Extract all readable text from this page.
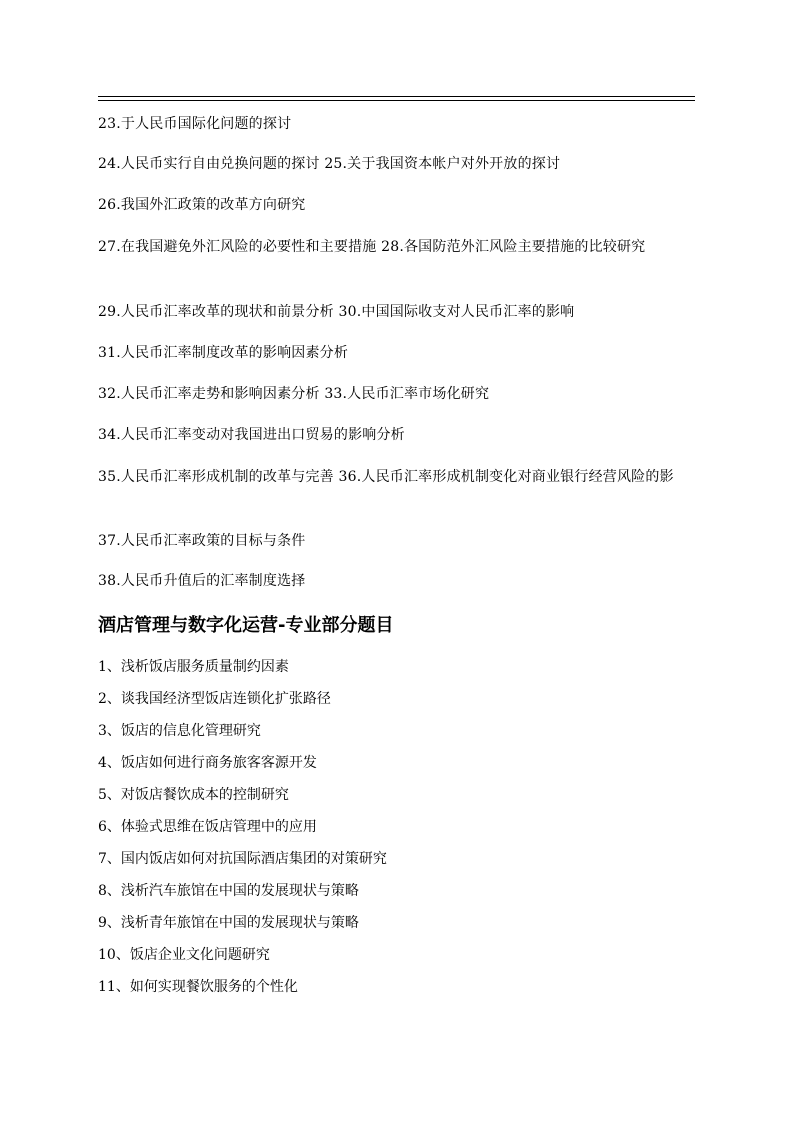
23.于人民币国际化问题的探讨

24.人民币实行自由兑换问题的探讨 25.关于我国资本帐户对外开放的探讨

26.我国外汇政策的改革方向研究

27.在我国避免外汇风险的必要性和主要措施 28.各国防范外汇风险主要措施的比较研究

29.人民币汇率改革的现状和前景分析 30.中国国际收支对人民币汇率的影响

31.人民币汇率制度改革的影响因素分析

32.人民币汇率走势和影响因素分析 33.人民币汇率市场化研究

34.人民币汇率变动对我国进出口贸易的影响分析

35.人民币汇率形成机制的改革与完善 36.人民币汇率形成机制变化对商业银行经营风险的影

37.人民币汇率政策的目标与条件

38.人民币升值后的汇率制度选择

酒店管理与数字化运营-专业部分题目
1、浅析饭店服务质量制约因素
2、谈我国经济型饭店连锁化扩张路径
3、饭店的信息化管理研究
4、饭店如何进行商务旅客客源开发
5、对饭店餐饮成本的控制研究
6、体验式思维在饭店管理中的应用
7、国内饭店如何对抗国际酒店集团的对策研究
8、浅析汽车旅馆在中国的发展现状与策略
9、浅析青年旅馆在中国的发展现状与策略
10、饭店企业文化问题研究
11、如何实现餐饮服务的个性化
